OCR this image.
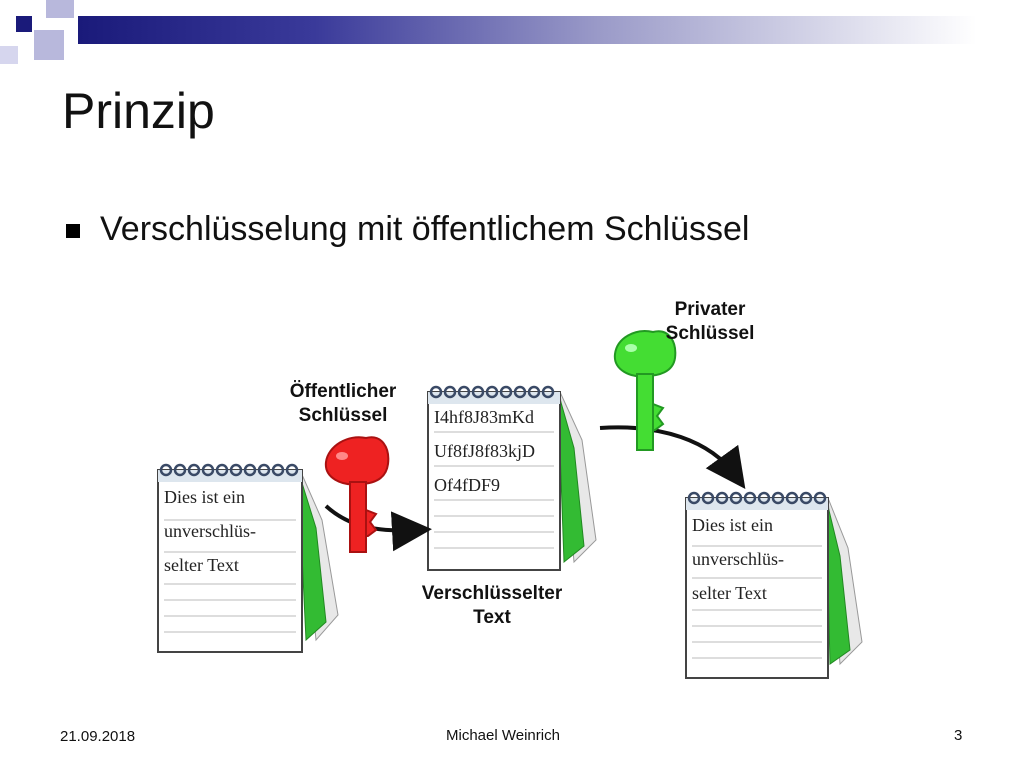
Prinzip
Verschlüsselung mit öffentlichem Schlüssel
Öffentlicher
Schlüssel
Privater
Schlüssel
Verschlüsselter
Text
Dies ist ein
unverschlüs-
selter Text
I4hf8J83mKd
Uf8fJ8f83kjD
Of4fDF9
Dies ist ein
unverschlüs-
selter Text
21.09.2018	Michael Weinrich	3
